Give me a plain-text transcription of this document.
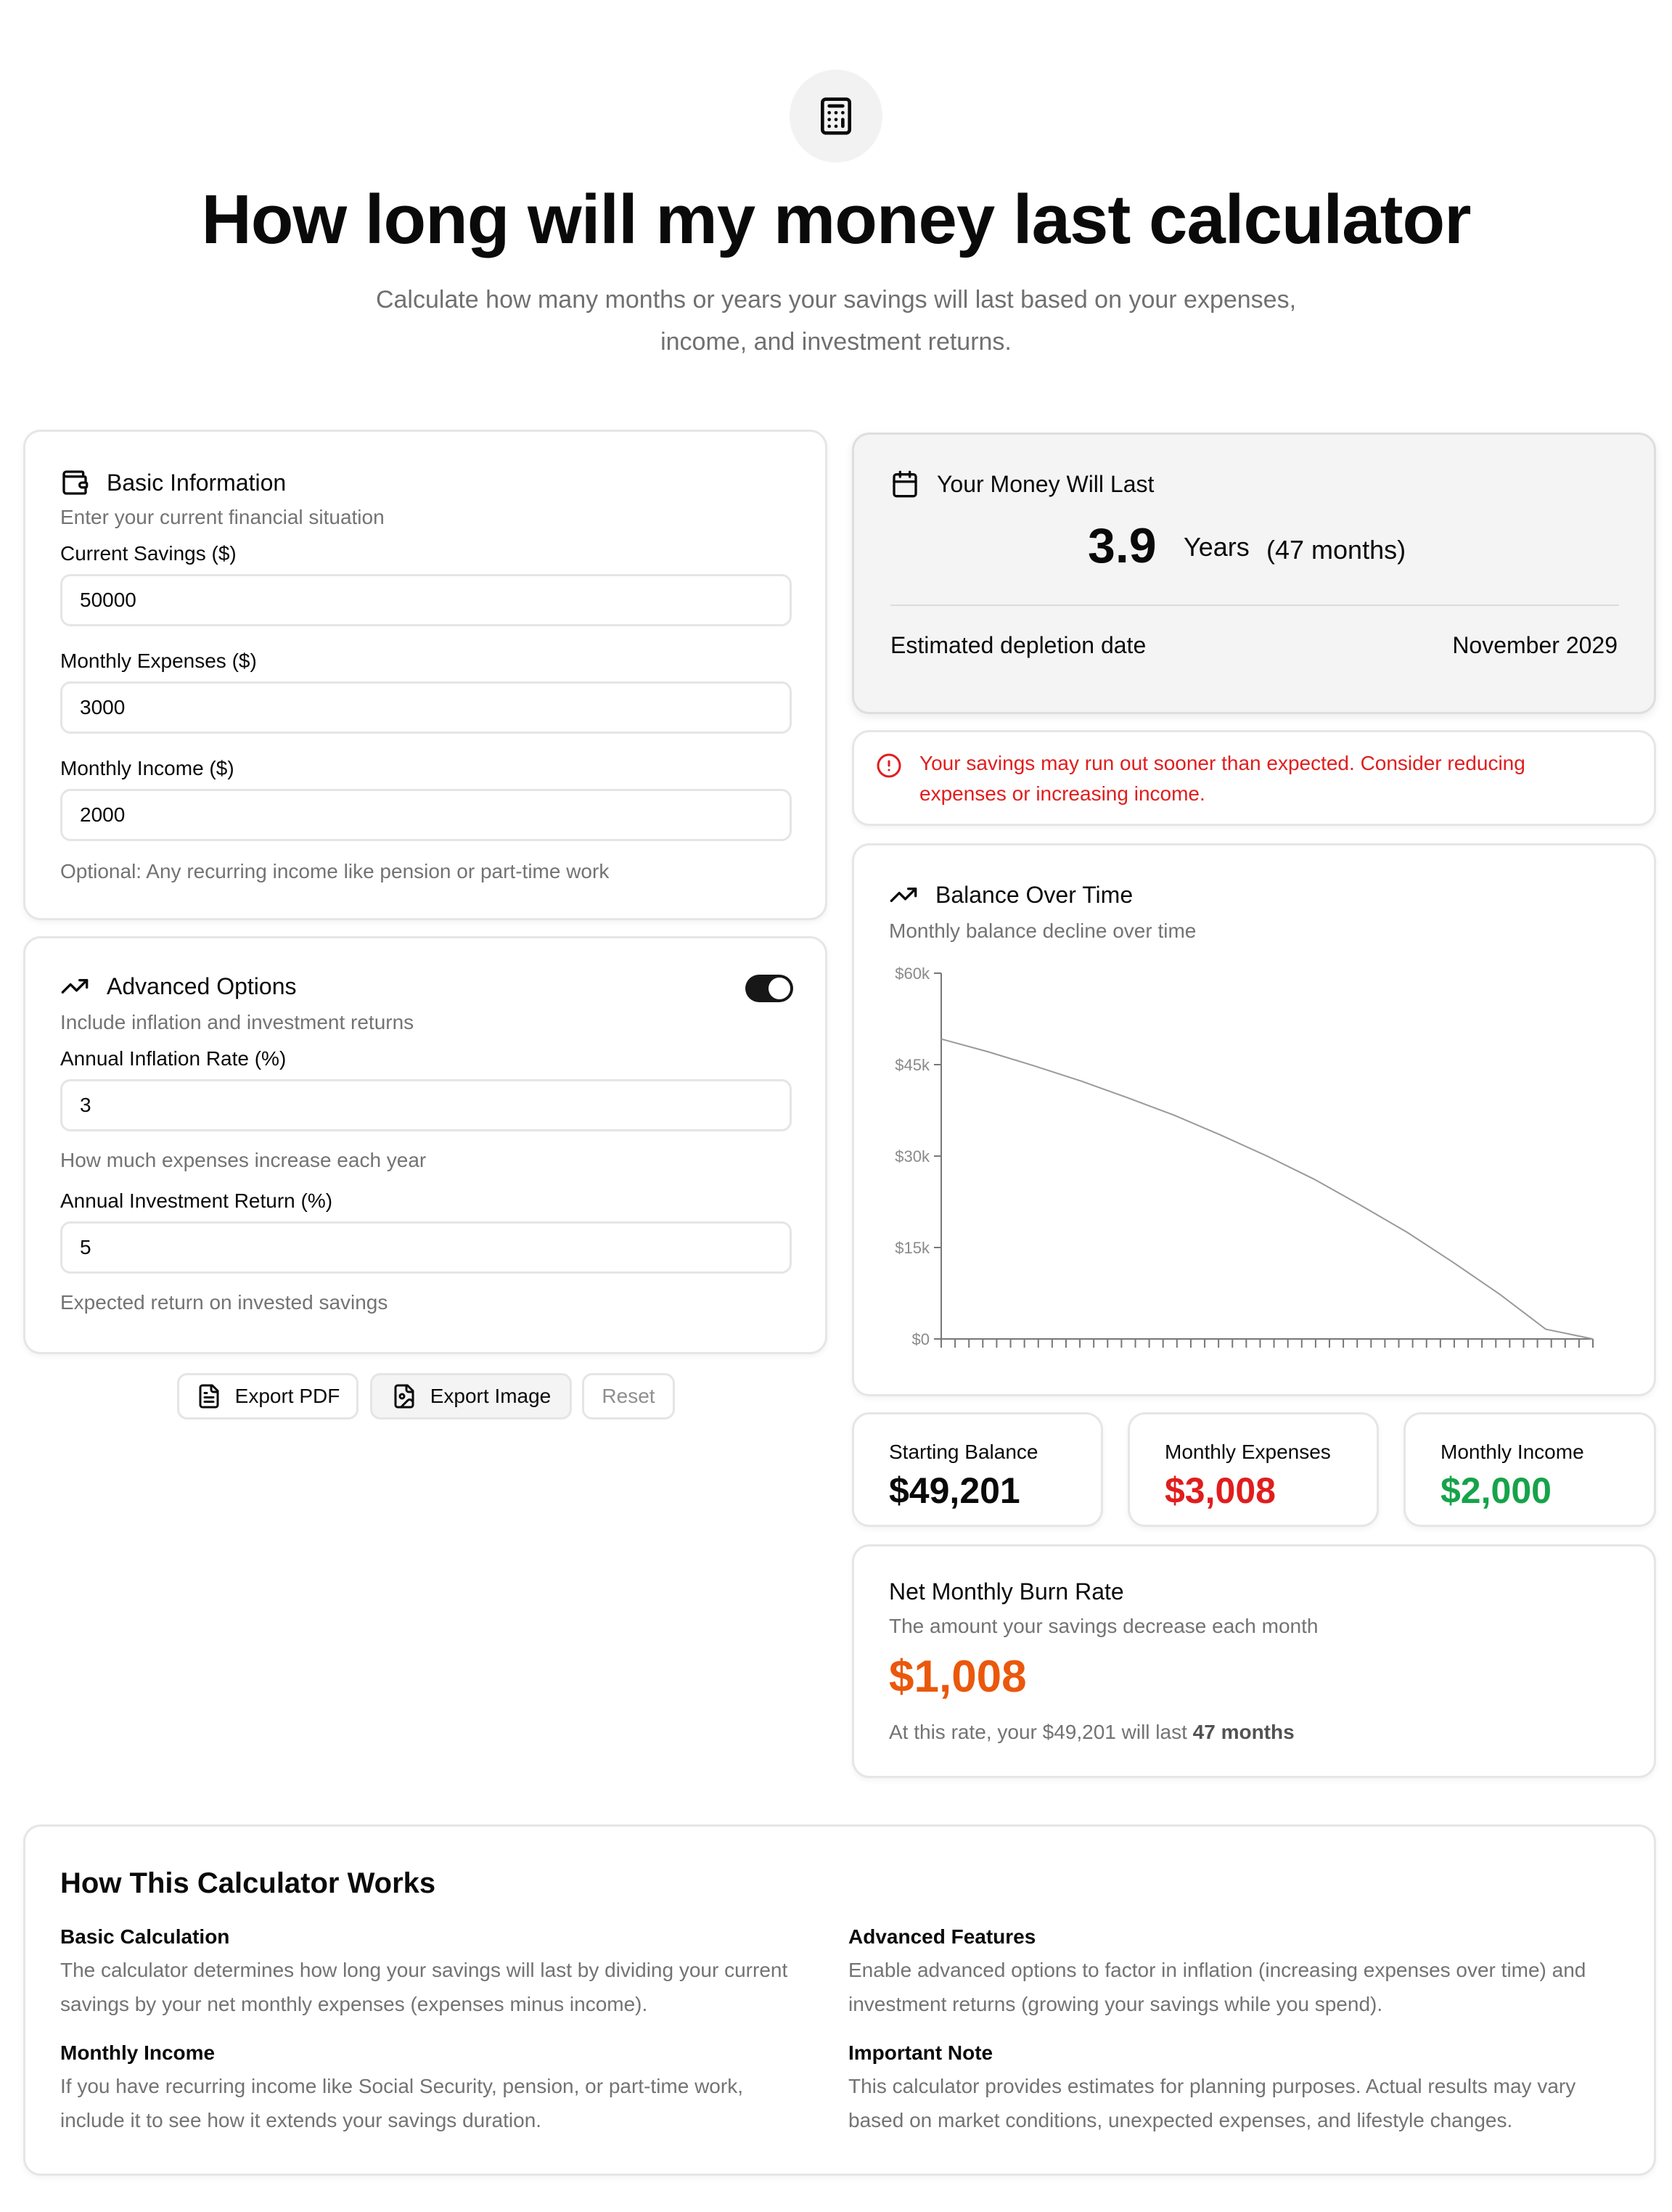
How long will my money last calculator
Calculate how many months or years your savings will last based on your expenses,
income, and investment returns.
Basic Information
Enter your current financial situation
Current Savings ($)
50000
Monthly Expenses ($)
3000
Monthly Income ($)
2000
Optional: Any recurring income like pension or part-time work
Advanced Options
Include inflation and investment returns
Annual Inflation Rate (%)
3
How much expenses increase each year
Annual Investment Return (%)
5
Expected return on invested savings
Export PDF	Export Image	Reset
Your Money Will Last
3.9 Years (47 months)
Estimated depletion date	November 2029
Your savings may run out sooner than expected. Consider reducing
expenses or increasing income.
Balance Over Time
Monthly balance decline over time
$0
$15k
$30k
$45k
$60k
Starting Balance
$49,201
Monthly Expenses
$3,008
Monthly Income
$2,000
Net Monthly Burn Rate
The amount your savings decrease each month
$1,008
At this rate, your $49,201 will last 47 months
How This Calculator Works
Basic Calculation
The calculator determines how long your savings will last by dividing your current
savings by your net monthly expenses (expenses minus income).
Monthly Income
If you have recurring income like Social Security, pension, or part-time work,
include it to see how it extends your savings duration.
Advanced Features
Enable advanced options to factor in inflation (increasing expenses over time) and
investment returns (growing your savings while you spend).
Important Note
This calculator provides estimates for planning purposes. Actual results may vary
based on market conditions, unexpected expenses, and lifestyle changes.
